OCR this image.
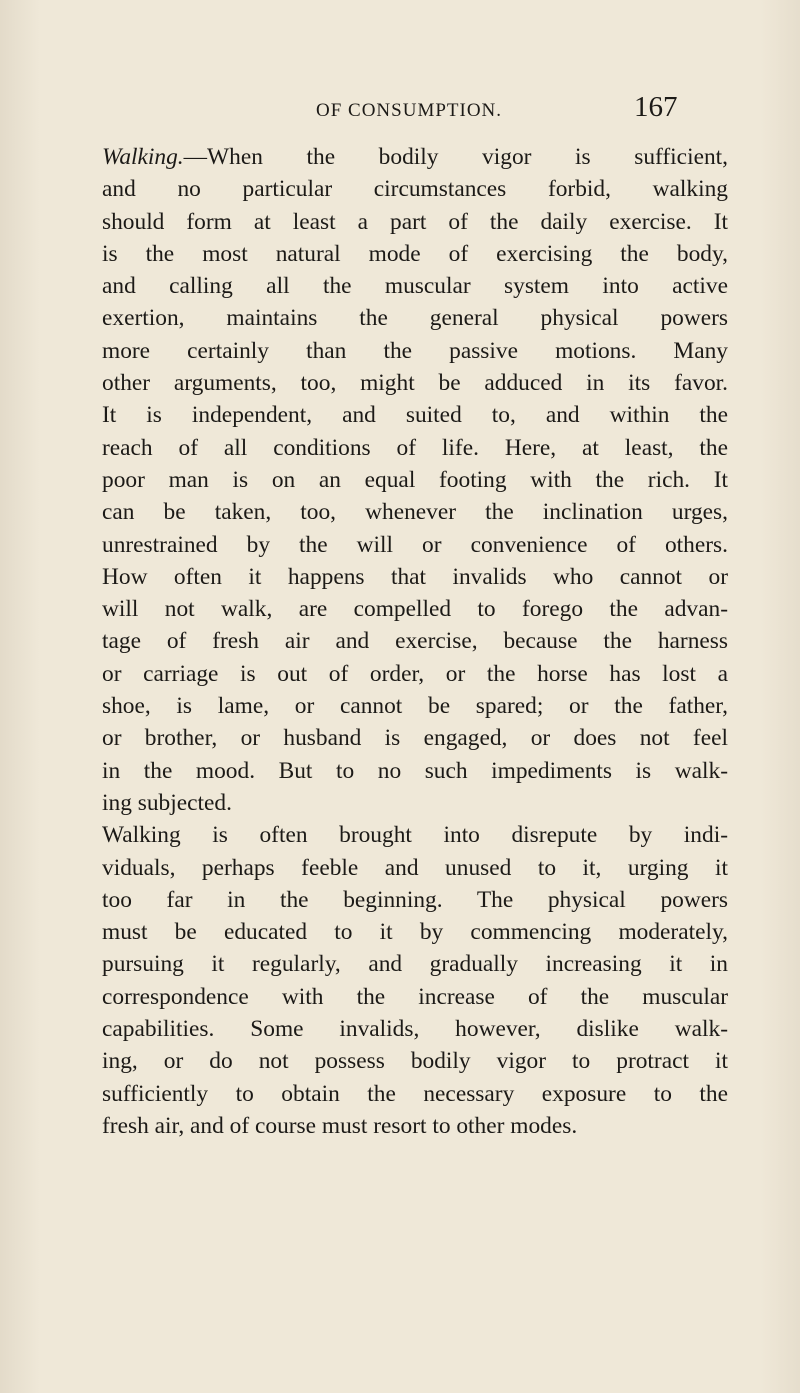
OF CONSUMPTION.	167
Walking.—When the bodily vigor is sufficient,
and no particular circumstances forbid, walking
should form at least a part of the daily exercise. It
is the most natural mode of exercising the body,
and calling all the muscular system into active
exertion, maintains the general physical powers
more certainly than the passive motions. Many
other arguments, too, might be adduced in its favor.
It is independent, and suited to, and within the
reach of all conditions of life. Here, at least, the
poor man is on an equal footing with the rich. It
can be taken, too, whenever the inclination urges,
unrestrained by the will or convenience of others.
How often it happens that invalids who cannot or
will not walk, are compelled to forego the advan-
tage of fresh air and exercise, because the harness
or carriage is out of order, or the horse has lost a
shoe, is lame, or cannot be spared; or the father,
or brother, or husband is engaged, or does not feel
in the mood. But to no such impediments is walk-
ing subjected.
Walking is often brought into disrepute by indi-
viduals, perhaps feeble and unused to it, urging it
too far in the beginning. The physical powers
must be educated to it by commencing moderately,
pursuing it regularly, and gradually increasing it in
correspondence with the increase of the muscular
capabilities. Some invalids, however, dislike walk-
ing, or do not possess bodily vigor to protract it
sufficiently to obtain the necessary exposure to the
fresh air, and of course must resort to other modes.
